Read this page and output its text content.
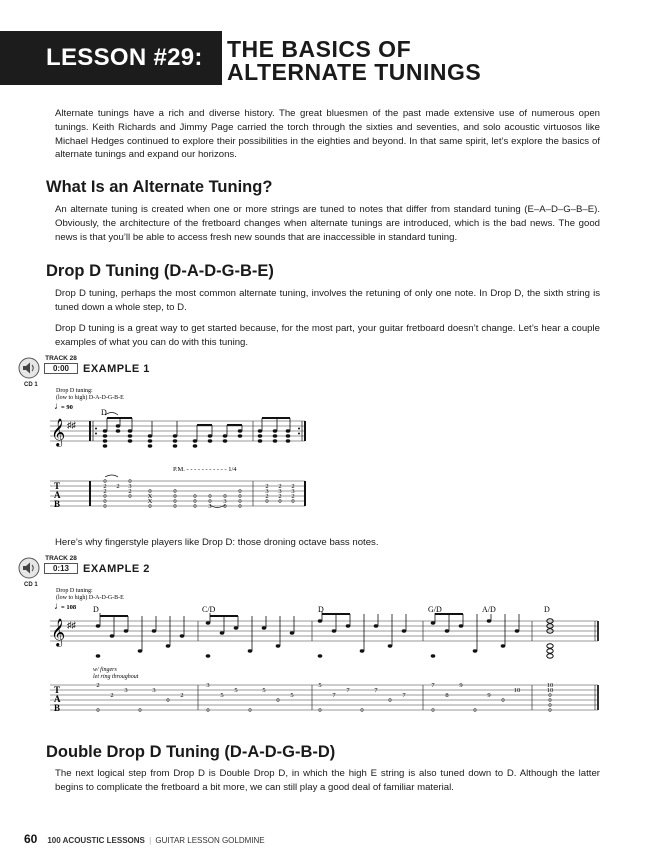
LESSON #29: THE BASICS OF
ALTERNATE TUNINGS
Alternate tunings have a rich and diverse history. The great bluesmen of the past made extensive use of numerous open tunings. Keith Richards and Jimmy Page carried the torch through the sixties and seventies, and solo acoustic virtuosos like Michael Hedges continued to explore their possibilities in the eighties and beyond. In that same spirit, let’s explore the basics of alternate tunings and expand our horizons.
What Is an Alternate Tuning?
An alternate tuning is created when one or more strings are tuned to notes that differ from standard tuning (E–A–D–G–B–E). Obviously, the architecture of the fretboard changes when alternate tunings are introduced, which is the bad news. The good news is that you’ll be able to access fresh new sounds that are inaccessible in standard tuning.
Drop D Tuning (D-A-D-G-B-E)
Drop D tuning, perhaps the most common alternate tuning, involves the retuning of only one note. In Drop D, the sixth string is tuned down a whole step, to D.
Drop D tuning is a great way to get started because, for the most part, your guitar fretboard doesn’t change. Let’s hear a couple examples of what you can do with this tuning.
TRACK 28
0:00
CD 1
EXAMPLE 1
Drop D tuning:
(low to high) D-A-D-G-B-E
♩
= 90
D
𝄞 ♯♯
P.M. - - - - - - - - - - - 1/4
T
A
B
0
2
2
0
0
0
2
0
3
2
0
0
X
X
0
0
0
0
0
0
0
0
0
0
3
0
3
0
0
0
0
0
2
3
2
0
2
3
2
0
2
3
2
0
Here’s why fingerstyle players like Drop D: those droning octave bass notes.
TRACK 28
0:13
CD 1
EXAMPLE 2
Drop D tuning:
(low to high) D-A-D-G-B-E
♩
= 108 D	C/D	D	G/D	A/D	D
𝄞 ♯♯
w/ fingers
let ring throughout
T
A
B
2
0
2
3
0
3
0
2
3
0
5
5
0
5
0
5
5
0
7
7
0
7
0
7
7
0
8
9
0
9
0
10
10
10
0
0
0
0
Double Drop D Tuning (D-A-D-G-B-D)
The next logical step from Drop D is Double Drop D, in which the high E string is also tuned down to D. Although the latter begins to complicate the fretboard a bit more, we can still play a good deal of familiar material.
60 100 ACOUSTIC LESSONS | GUITAR LESSON GOLDMINE
